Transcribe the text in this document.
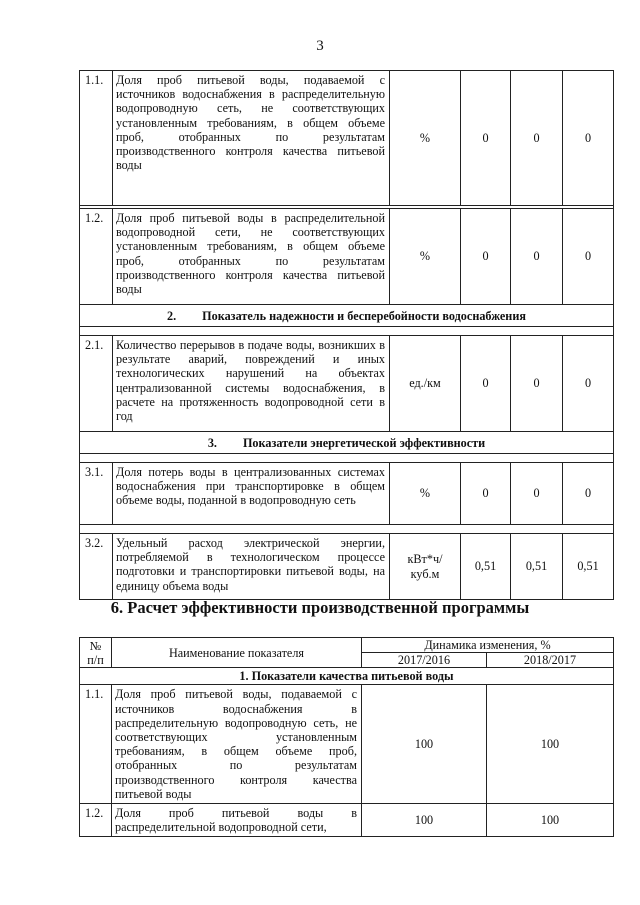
3
1.1.	Доля проб питьевой воды, подаваемой с источников водоснабжения в распределительную водопроводную сеть, не соответствующих установленным требованиям, в общем объеме проб, отобранных по результатам производственного контроля качества питьевой воды	%	0	0	0

1.2.	Доля проб питьевой воды в распределительной водопроводной сети, не соответствующих установленным требованиям, в общем объеме проб, отобранных по результатам производственного контроля качества питьевой воды	%	0	0	0
2. Показатель надежности и бесперебойности водоснабжения					

2.1.	Количество перерывов в подаче воды, возникших в результате аварий, повреждений и иных технологических нарушений на объектах централизованной системы водоснабжения, в расчете на протяженность водопроводной сети в год	ед./км	0	0	0
3. Показатели энергетической эффективности					

3.1.	Доля потерь воды в централизованных системах водоснабжения при транспортировке в общем объеме воды, поданной в водопроводную сеть	%	0	0	0

3.2.	Удельный расход электрической энергии, потребляемой в технологическом процессе подготовки и транспортировки питьевой воды, на единицу объема воды	кВт*ч/
куб.м	0,51	0,51	0,51
6. Расчет эффективности производственной программы
№
п/п	Наименование показателя	Динамика изменения, %	
		2017/2016	2018/2017
1. Показатели качества питьевой воды			
1.1.	Доля проб питьевой воды, подаваемой с источников водоснабжения в распределительную водопроводную сеть, не соответствующих установленным требованиям, в общем объеме проб, отобранных по результатам производственного контроля качества питьевой воды	100	100
1.2.	Доля проб питьевой воды в распределительной водопроводной сети,	100	100
